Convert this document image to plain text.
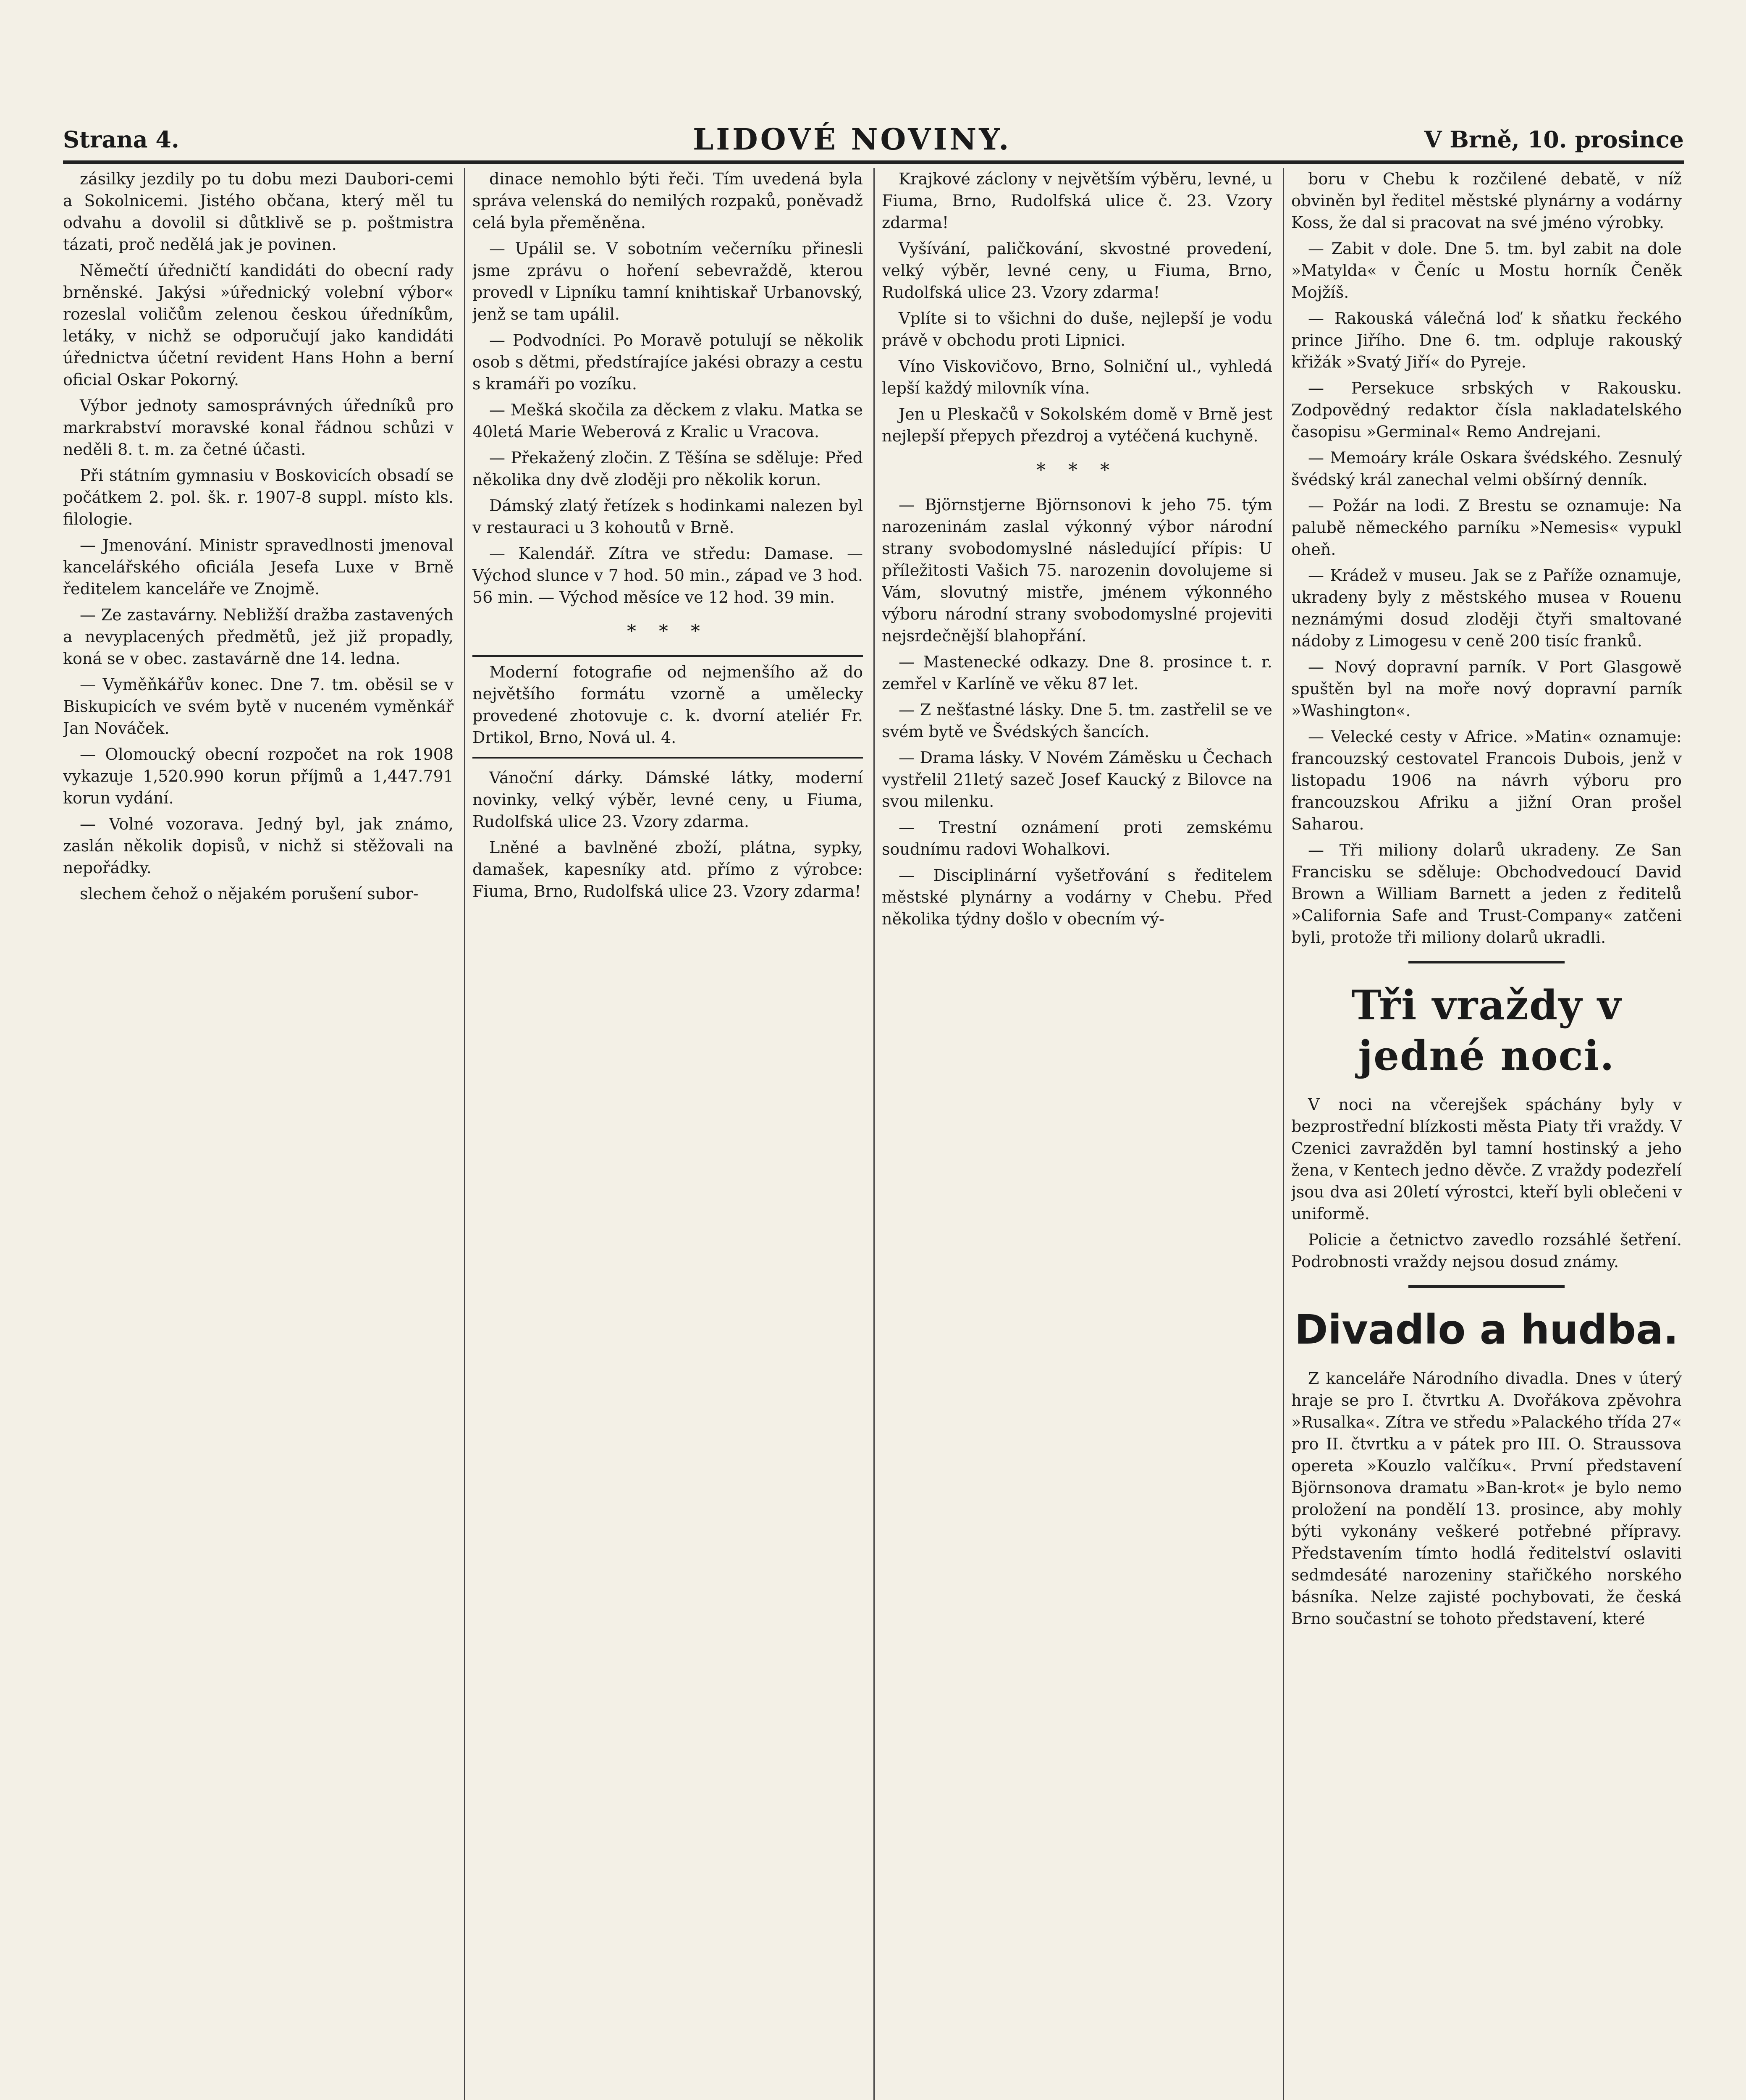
Strana 4.	LIDOVÉ NOVINY.	V Brně, 10. prosince

zásilky jezdily po tu dobu mezi Daubori-cemi a Sokolnicemi. Jistého občana, který měl tu odvahu a dovolil si důtklivě se p. poštmistra tázati, proč nedělá jak je povinen.

Němečtí úředničtí kandidáti do obecní rady brněnské. Jakýsi »úřednický volební výbor« rozeslal voličům zelenou českou úředníkům, letáky, v nichž se odporučují jako kandidáti úřednictva účetní revident Hans Hohn a berní oficial Oskar Pokorný.

Výbor jednoty samosprávných úředníků pro markrabství moravské konal řádnou schůzi v neděli 8. t. m. za četné účasti.

Při státním gymnasiu v Boskovicích obsadí se počátkem 2. pol. šk. r. 1907-8 suppl. místo kls. filologie.

— Jmenování. Ministr spravedlnosti jmenoval kancelářského oficiála Jesefa Luxe v Brně ředitelem kanceláře ve Znojmě.

— Ze zastavárny. Nebližší dražba zastavených a nevyplacených předmětů, jež již propadly, koná se v obec. zastavárně dne 14. ledna.

— Vyměňkářův konec. Dne 7. tm. oběsil se v Biskupicích ve svém bytě v nuceném vyměnkář Jan Nováček.

— Olomoucký obecní rozpočet na rok 1908 vykazuje 1,520.990 korun příjmů a 1,447.791 korun vydání.

— Volné vozorava. Jedný byl, jak známo, zaslán několik dopisů, v nichž si stěžovali na nepořádky.

slechem čehož o nějakém porušení subor-

dinace nemohlo býti řeči. Tím uvedená byla správa velenská do nemilých rozpaků, poněvadž celá byla přeměněna.

— Upálil se. V sobotním večerníku přinesli jsme zprávu o hoření sebevraždě, kterou provedl v Lipníku tamní knihtiskař Urbanovský, jenž se tam upálil.

— Podvodníci. Po Moravě potulují se několik osob s dětmi, předstírajíce jakési obrazy a cestu s kramáři po vozíku.

— Mešká skočila za děckem z vlaku. Matka se 40letá Marie Weberová z Kralic u Vracova.

— Překažený zločin. Z Těšína se sděluje: Před několika dny dvě zloději pro několik korun.

Dámský zlatý řetízek s hodinkami nalezen byl v restauraci u 3 kohoutů v Brně.

— Kalendář. Zítra ve středu: Damase. — Východ slunce v 7 hod. 50 min., západ ve 3 hod. 56 min. — Východ měsíce ve 12 hod. 39 min.

* * *

Moderní fotografie od nejmenšího až do největšího formátu vzorně a umělecky provedené zhotovuje c. k. dvorní ateliér Fr. Drtikol, Brno, Nová ul. 4.

Vánoční dárky. Dámské látky, moderní novinky, velký výběr, levné ceny, u Fiuma, Rudolfská ulice 23. Vzory zdarma.

Lněné a bavlněné zboží, plátna, sypky, damašek, kapesníky atd. přímo z výrobce: Fiuma, Brno, Rudolfská ulice 23. Vzory zdarma!

Krajkové záclony v největším výběru, levné, u Fiuma, Brno, Rudolfská ulice č. 23. Vzory zdarma!

Vyšívání, paličkování, skvostné provedení, velký výběr, levné ceny, u Fiuma, Brno, Rudolfská ulice 23. Vzory zdarma!

Vplíte si to všichni do duše, nejlepší je vodu právě v obchodu proti Lipnici.

Víno Viskovičovo, Brno, Solniční ul., vyhledá lepší každý milovník vína.

Jen u Pleskačů v Sokolském domě v Brně jest nejlepší přepych přezdroj a vytéčená kuchyně.

* * *

— Björnstjerne Björnsonovi k jeho 75. tým narozeninám zaslal výkonný výbor národní strany svobodomyslné následující přípis: U příležitosti Vašich 75. narozenin dovolujeme si Vám, slovutný mistře, jménem výkonného výboru národní strany svobodomyslné projeviti nejsrdečnější blahopřání.

— Mastenecké odkazy. Dne 8. prosince t. r. zemřel v Karlíně ve věku 87 let.

— Z nešťastné lásky. Dne 5. tm. zastřelil se ve svém bytě ve Švédských šancích.

— Drama lásky. V Novém Záměsku u Čechach vystřelil 21letý sazeč Josef Kaucký z Bilovce na svou milenku.

— Trestní oznámení proti zemskému soudnímu radovi Wohalkovi.

— Disciplinární vyšetřování s ředitelem městské plynárny a vodárny v Chebu. Před několika týdny došlo v obecním vý-

boru v Chebu k rozčilené debatě, v níž obviněn byl ředitel městské plynárny a vodárny Koss, že dal si pracovat na své jméno výrobky.

— Zabit v dole. Dne 5. tm. byl zabit na dole »Matylda« v Čeníc u Mostu horník Čeněk Mojžíš.

— Rakouská válečná loď k sňatku řeckého prince Jiřího. Dne 6. tm. odpluje rakouský křižák »Svatý Jiří« do Pyreje.

— Persekuce srbských v Rakousku. Zodpovědný redaktor čísla nakladatelského časopisu »Germinal« Remo Andrejani.

— Memoáry krále Oskara švédského. Zesnulý švédský král zanechal velmi obšírný denník.

— Požár na lodi. Z Brestu se oznamuje: Na palubě německého parníku »Nemesis« vypukl oheň.

— Krádež v museu. Jak se z Paříže oznamuje, ukradeny byly z městského musea v Rouenu neznámými dosud zloději čtyři smaltované nádoby z Limogesu v ceně 200 tisíc franků.

— Nový dopravní parník. V Port Glasgowě spuštěn byl na moře nový dopravní parník »Washington«.

— Velecké cesty v Africe. »Matin« oznamuje: francouzský cestovatel Francois Dubois, jenž v listopadu 1906 na návrh výboru pro francouzskou Afriku a jižní Oran prošel Saharou.

— Tři miliony dolarů ukradeny. Ze San Francisku se sděluje: Obchodvedoucí David Brown a William Barnett a jeden z ředitelů »California Safe and Trust-Company« zatčeni byli, protože tři miliony dolarů ukradli.

Tři vraždy v jedné noci.

V noci na včerejšek spáchány byly v bezprostřední blízkosti města Piaty tři vraždy. V Czenici zavražděn byl tamní hostinský a jeho žena, v Kentech jedno děvče. Z vraždy podezřelí jsou dva asi 20letí výrostci, kteří byli oblečeni v uniformě.

Policie a četnictvo zavedlo rozsáhlé šetření. Podrobnosti vraždy nejsou dosud známy.

Divadlo a hudba.

Z kanceláře Národního divadla. Dnes v úterý hraje se pro I. čtvrtku A. Dvořákova zpěvohra »Rusalka«. Zítra ve středu »Palackého třída 27« pro II. čtvrtku a v pátek pro III. O. Straussova opereta »Kouzlo valčíku«. První představení Björnsonova dramatu »Ban-krot« je bylo nemo proložení na pondělí 13. prosince, aby mohly býti vykonány veškeré potřebné přípravy. Představením tímto hodlá ředitelství oslaviti sedmdesáté narozeniny stařičkého norského básníka. Nelze zajisté pochybovati, že česká Brno součastní se tohoto představení, které
